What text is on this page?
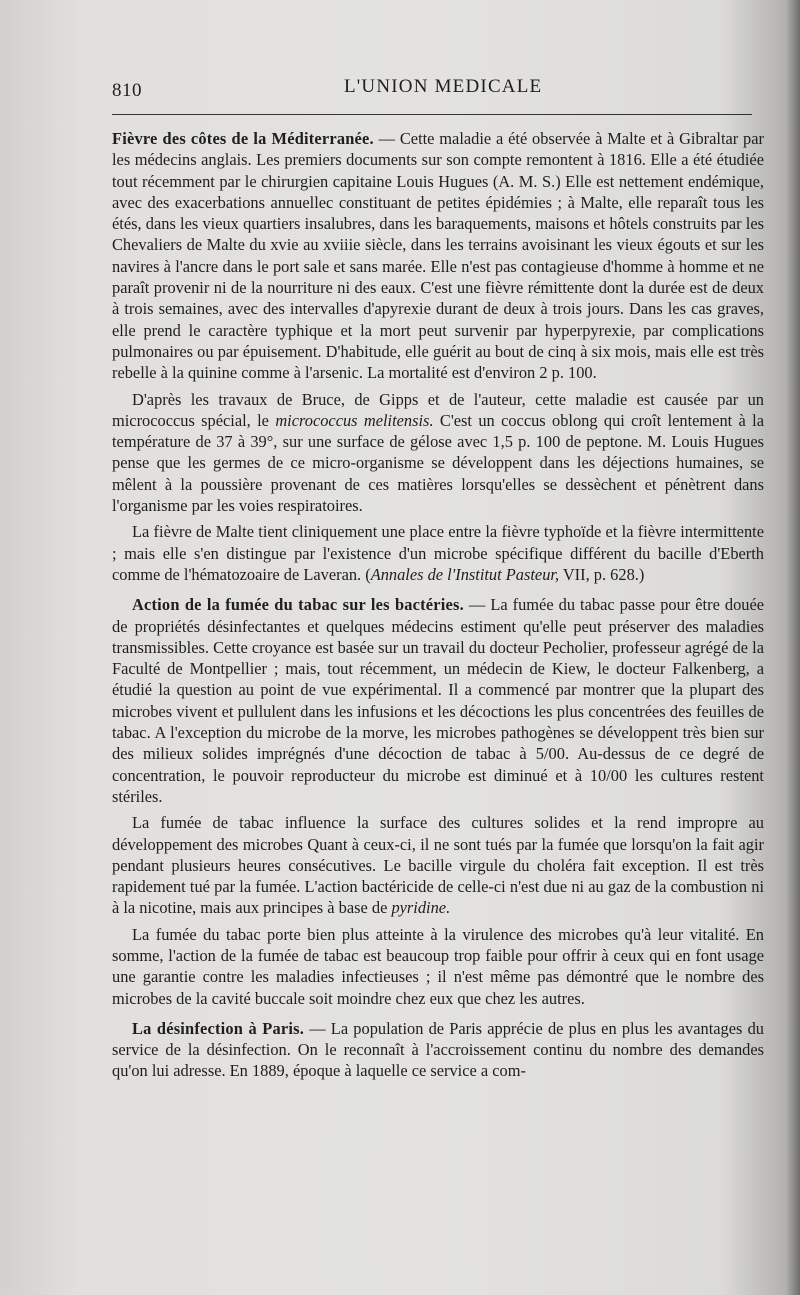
810	L'UNION MEDICALE

Fièvre des côtes de la Méditerranée. — Cette maladie a été observée à Malte et à Gibraltar par les médecins anglais. Les premiers documents sur son compte remontent à 1816. Elle a été étudiée tout récemment par le chirurgien capitaine Louis Hugues (A. M. S.) Elle est nettement endémique, avec des exacerbations annuellec constituant de petites épidémies ; à Malte, elle reparaît tous les étés, dans les vieux quartiers insalubres, dans les baraquements, maisons et hôtels construits par les Chevaliers de Malte du xvie au xviiie siècle, dans les terrains avoisinant les vieux égouts et sur les navires à l'ancre dans le port sale et sans marée. Elle n'est pas contagieuse d'homme à homme et ne paraît provenir ni de la nourriture ni des eaux. C'est une fièvre rémittente dont la durée est de deux à trois semaines, avec des intervalles d'apyrexie durant de deux à trois jours. Dans les cas graves, elle prend le caractère typhique et la mort peut survenir par hyperpyrexie, par complications pulmonaires ou par épuisement. D'habitude, elle guérit au bout de cinq à six mois, mais elle est très rebelle à la quinine comme à l'arsenic. La mortalité est d'environ 2 p. 100.

D'après les travaux de Bruce, de Gipps et de l'auteur, cette maladie est causée par un micrococcus spécial, le micrococcus melitensis. C'est un coccus oblong qui croît lentement à la température de 37 à 39°, sur une surface de gélose avec 1,5 p. 100 de peptone. M. Louis Hugues pense que les germes de ce micro-organisme se développent dans les déjections humaines, se mêlent à la poussière provenant de ces matières lorsqu'elles se dessèchent et pénètrent dans l'organisme par les voies respiratoires.

La fièvre de Malte tient cliniquement une place entre la fièvre typhoïde et la fièvre intermittente ; mais elle s'en distingue par l'existence d'un microbe spécifique différent du bacille d'Eberth comme de l'hématozoaire de Laveran. (Annales de l'Institut Pasteur, VII, p. 628.)

Action de la fumée du tabac sur les bactéries. — La fumée du tabac passe pour être douée de propriétés désinfectantes et quelques médecins estiment qu'elle peut préserver des maladies transmissibles. Cette croyance est basée sur un travail du docteur Pecholier, professeur agrégé de la Faculté de Montpellier ; mais, tout récemment, un médecin de Kiew, le docteur Falkenberg, a étudié la question au point de vue expérimental. Il a commencé par montrer que la plupart des microbes vivent et pullulent dans les infusions et les décoctions les plus concentrées des feuilles de tabac. A l'exception du microbe de la morve, les microbes pathogènes se développent très bien sur des milieux solides imprégnés d'une décoction de tabac à 5/00. Au-dessus de ce degré de concentration, le pouvoir reproducteur du microbe est diminué et à 10/00 les cultures restent stériles.

La fumée de tabac influence la surface des cultures solides et la rend impropre au développement des microbes Quant à ceux-ci, il ne sont tués par la fumée que lorsqu'on la fait agir pendant plusieurs heures consécutives. Le bacille virgule du choléra fait exception. Il est très rapidement tué par la fumée. L'action bactéricide de celle-ci n'est due ni au gaz de la combustion ni à la nicotine, mais aux principes à base de pyridine.

La fumée du tabac porte bien plus atteinte à la virulence des microbes qu'à leur vitalité. En somme, l'action de la fumée de tabac est beaucoup trop faible pour offrir à ceux qui en font usage une garantie contre les maladies infectieuses ; il n'est même pas démontré que le nombre des microbes de la cavité buccale soit moindre chez eux que chez les autres.

La désinfection à Paris. — La population de Paris apprécie de plus en plus les avantages du service de la désinfection. On le reconnaît à l'accroissement continu du nombre des demandes qu'on lui adresse. En 1889, époque à laquelle ce service a com-
